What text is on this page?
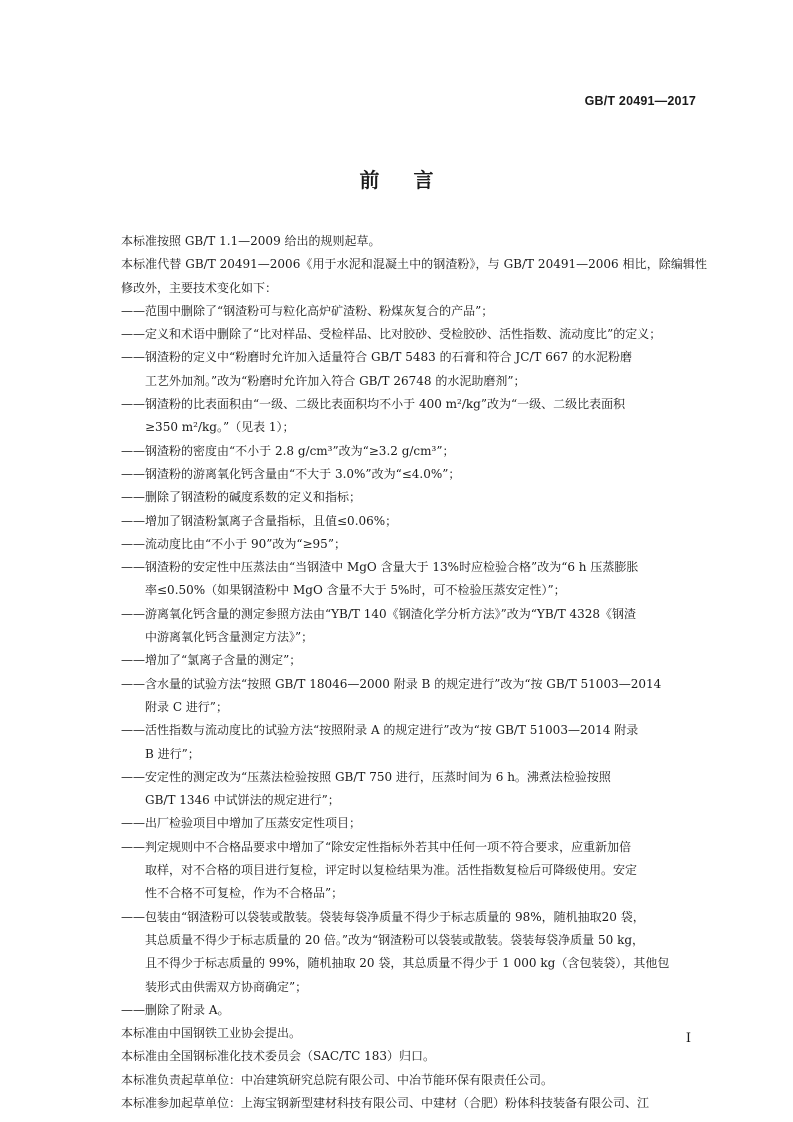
GB/T 20491—2017
前 言

本标准按照 GB/T 1.1—2009 给出的规则起草。

本标准代替 GB/T 20491—2006《用于水泥和混凝土中的钢渣粉》，与 GB/T 20491—2006 相比，除编辑性修改外，主要技术变化如下：

——范围中删除了“钢渣粉可与粒化高炉矿渣粉、粉煤灰复合的产品”；
——定义和术语中删除了“比对样品、受检样品、比对胶砂、受检胶砂、活性指数、流动度比”的定义；
——钢渣粉的定义中“粉磨时允许加入适量符合 GB/T 5483 的石膏和符合 JC/T 667 的水泥粉磨
工艺外加剂。”改为“粉磨时允许加入符合 GB/T 26748 的水泥助磨剂”；
——钢渣粉的比表面积由“一级、二级比表面积均不小于 400 m²/kg”改为“一级、二级比表面积
≥350 m²/kg。”（见表 1）；
——钢渣粉的密度由“不小于 2.8 g/cm³”改为“≥3.2 g/cm³”；
——钢渣粉的游离氧化钙含量由“不大于 3.0%”改为“≤4.0%”；
——删除了钢渣粉的碱度系数的定义和指标；
——增加了钢渣粉氯离子含量指标，且值≤0.06%；
——流动度比由“不小于 90”改为“≥95”；
——钢渣粉的安定性中压蒸法由“当钢渣中 MgO 含量大于 13%时应检验合格”改为“6 h 压蒸膨胀
率≤0.50%（如果钢渣粉中 MgO 含量不大于 5%时，可不检验压蒸安定性）”；
——游离氧化钙含量的测定参照方法由“YB/T 140《钢渣化学分析方法》”改为“YB/T 4328《钢渣
中游离氧化钙含量测定方法》”；
——增加了“氯离子含量的测定”；
——含水量的试验方法“按照 GB/T 18046—2000 附录 B 的规定进行”改为“按 GB/T 51003—2014
附录 C 进行”；
——活性指数与流动度比的试验方法“按照附录 A 的规定进行”改为“按 GB/T 51003—2014 附录
B 进行”；
——安定性的测定改为“压蒸法检验按照 GB/T 750 进行，压蒸时间为 6 h。沸煮法检验按照
GB/T 1346 中试饼法的规定进行”；
——出厂检验项目中增加了压蒸安定性项目；
——判定规则中不合格品要求中增加了“除安定性指标外若其中任何一项不符合要求，应重新加倍
取样，对不合格的项目进行复检，评定时以复检结果为准。活性指数复检后可降级使用。安定
性不合格不可复检，作为不合格品”；
——包装由“钢渣粉可以袋装或散装。袋装每袋净质量不得少于标志质量的 98%，随机抽取20 袋，
其总质量不得少于标志质量的 20 倍。”改为“钢渣粉可以袋装或散装。袋装每袋净质量 50 kg，
且不得少于标志质量的 99%，随机抽取 20 袋，其总质量不得少于 1 000 kg（含包装袋），其他包
装形式由供需双方协商确定”；
——删除了附录 A。

本标准由中国钢铁工业协会提出。

本标准由全国钢标准化技术委员会（SAC/TC 183）归口。

本标准负责起草单位：中冶建筑研究总院有限公司、中冶节能环保有限责任公司。

本标准参加起草单位：上海宝钢新型建材科技有限公司、中建材（合肥）粉体科技装备有限公司、江

I
